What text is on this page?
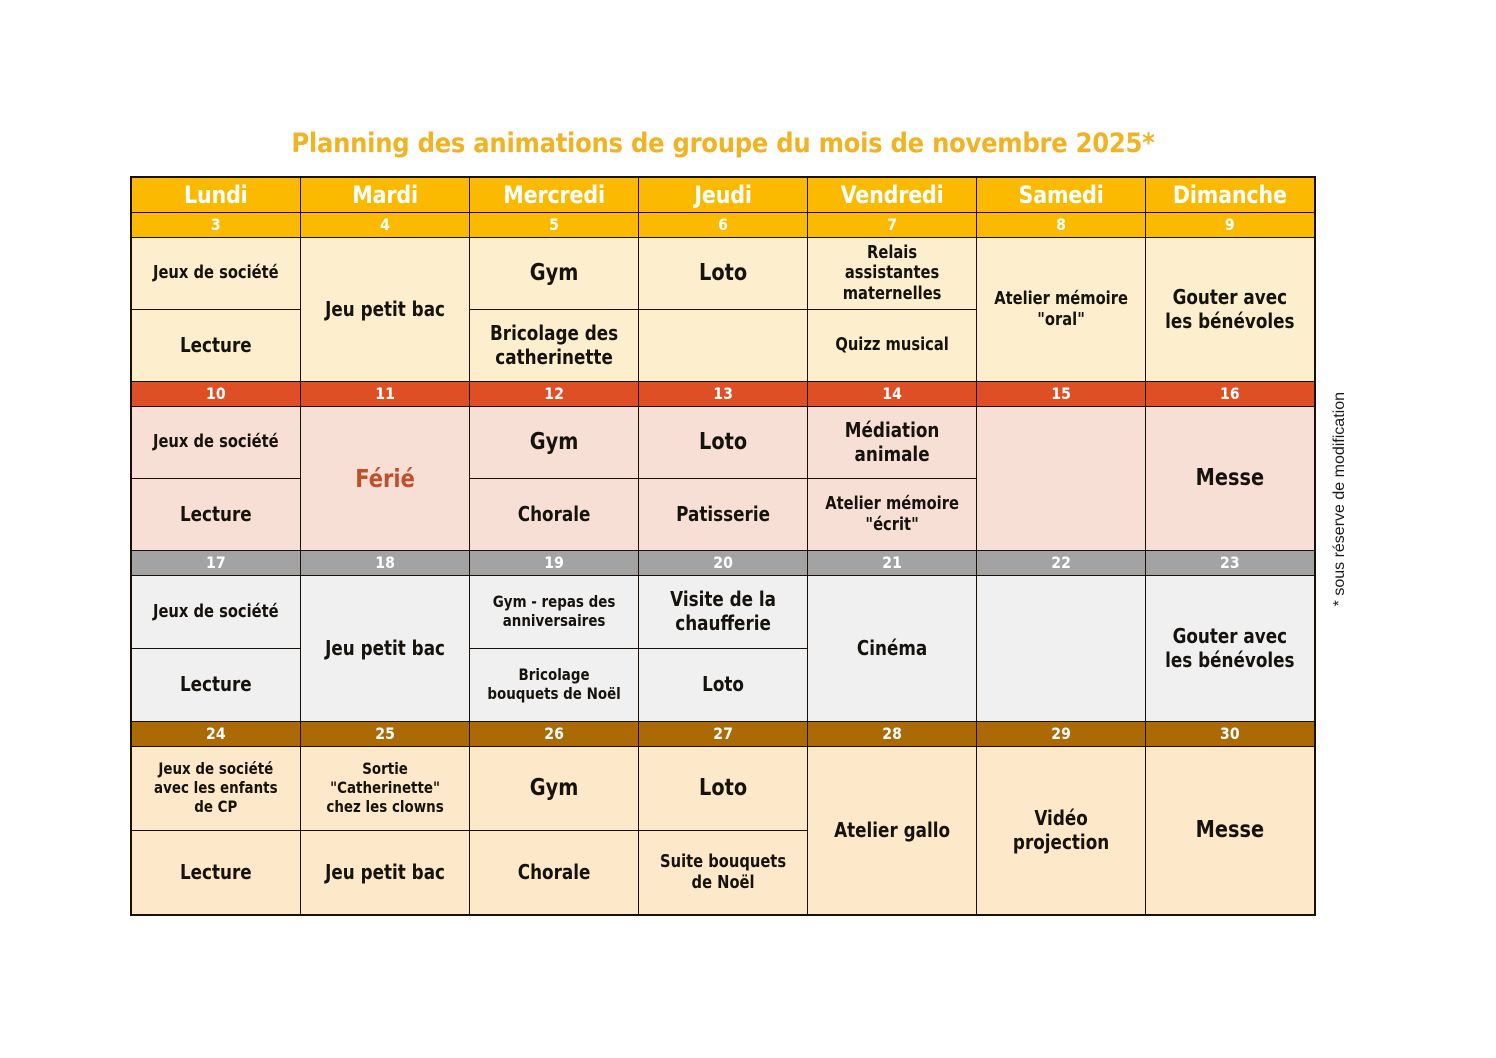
Planning des animations de groupe du mois de novembre 2025*
Lundi	Mardi	Mercredi	Jeudi	Vendredi	Samedi	Dimanche

3	4	5	6	7	8	9

Jeux de société	Jeu petit bac	Gym	Loto	Relais assistantes maternelles	Atelier mémoire "oral"	Gouter avec les bénévoles

Lecture		Bricolage des catherinette		Quizz musical		

10	11	12	13	14	15	16

Jeux de société	Férié	Gym	Loto	Médiation animale		Messe

Lecture		Chorale	Patisserie	Atelier mémoire "écrit"		

17	18	19	20	21	22	23

Jeux de société	Jeu petit bac	Gym - repas des anniversaires	Visite de la chaufferie	Cinéma		Gouter avec les bénévoles

Lecture		Bricolage bouquets de Noël	Loto			

24	25	26	27	28	29	30

Jeux de société avec les enfants de CP	Sortie "Catherinette" chez les clowns	Gym	Loto	Atelier gallo	Vidéo projection	Messe

Lecture	Jeu petit bac	Chorale	Suite bouquets de Noël			
* sous réserve de modification
